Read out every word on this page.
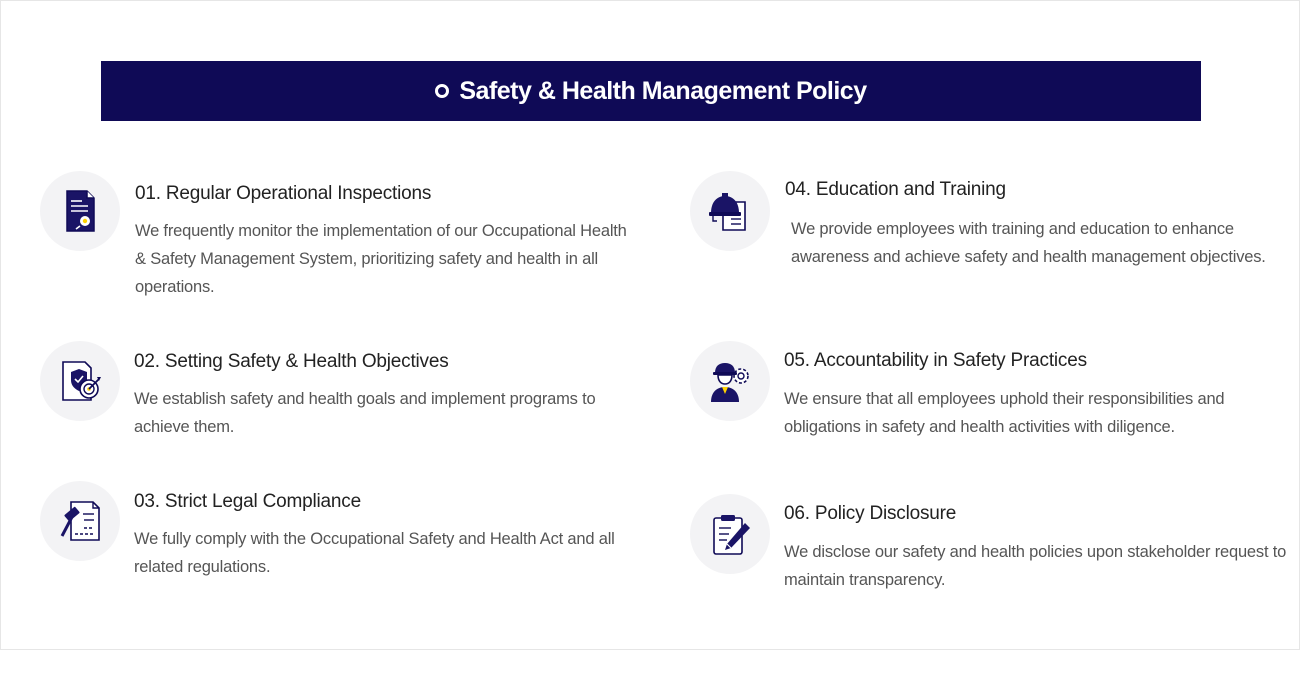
Safety & Health Management Policy
01. Regular Operational Inspections
We frequently monitor the implementation of our Occupational Health & Safety Management System, prioritizing safety and health in all operations.
02. Setting Safety & Health Objectives
We establish safety and health goals and implement programs to achieve them.
03. Strict Legal Compliance
We fully comply with the Occupational Safety and Health Act and all related regulations.
04. Education and Training
We provide employees with training and education to enhance awareness and achieve safety and health management objectives.
05. Accountability in Safety Practices
We ensure that all employees uphold their responsibilities and obligations in safety and health activities with diligence.
06. Policy Disclosure
We disclose our safety and health policies upon stakeholder request to maintain transparency.
